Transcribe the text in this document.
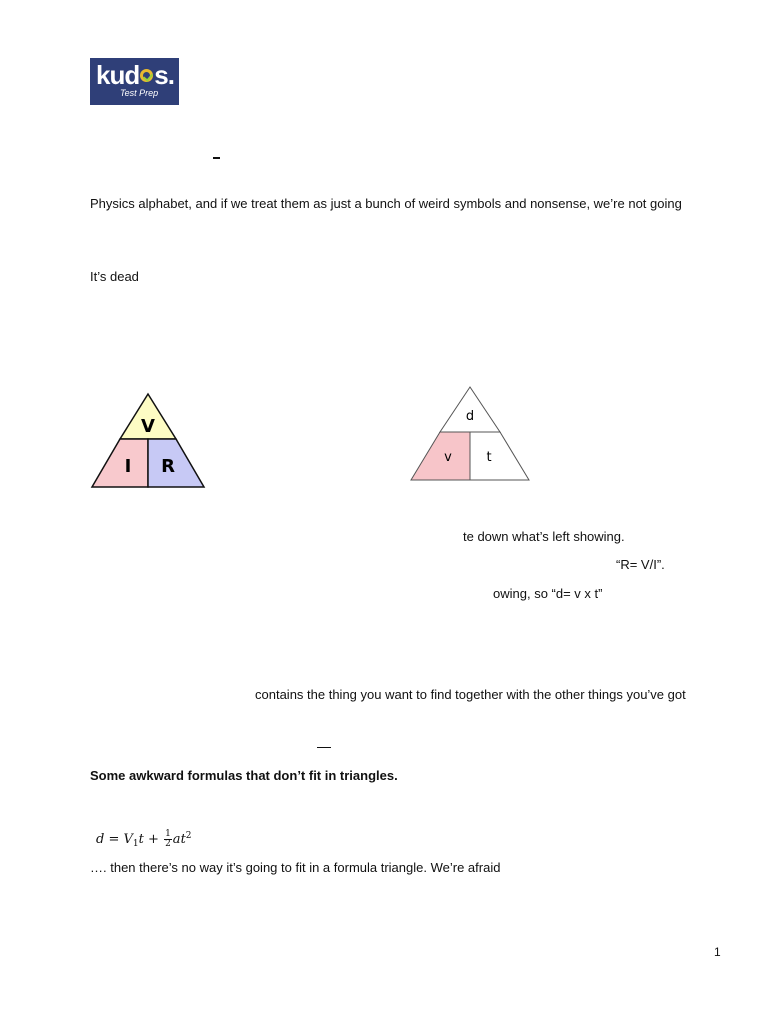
kud s.
Test Prep
Physics alphabet, and if we treat them as just a bunch of weird symbols and nonsense, we’re not going
It’s dead
V
I R
d
v	t
te down what’s left showing.
“R= V/I”.
owing, so “d= v x t”
contains the thing you want to find together with the other things you’ve got
Some awkward formulas that don’t fit in triangles.
$d = V_1t + \frac{1}{2} at^2$
…. then there’s no way it’s going to fit in a formula triangle. We’re afraid
1
